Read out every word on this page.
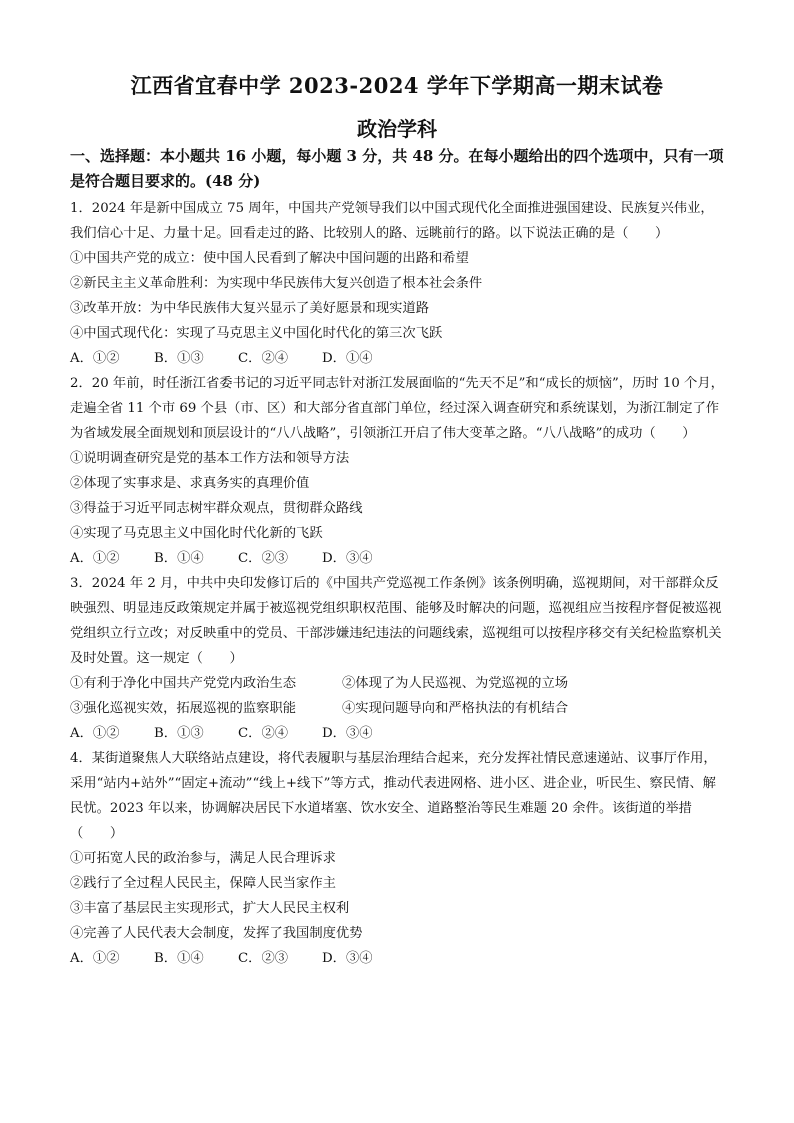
江西省宜春中学 2023-2024 学年下学期高一期末试卷
政治学科
一、选择题：本小题共 16 小题，每小题 3 分，共 48 分。在每小题给出的四个选项中，只有一项是符合题目要求的。(48 分)

1．2024 年是新中国成立 75 周年，中国共产党领导我们以中国式现代化全面推进强国建设、民族复兴伟业，我们信心十足、力量十足。回看走过的路、比较别人的路、远眺前行的路。以下说法正确的是（　　）

①中国共产党的成立：使中国人民看到了解决中国问题的出路和希望

②新民主主义革命胜利：为实现中华民族伟大复兴创造了根本社会条件

③改革开放：为中华民族伟大复兴显示了美好愿景和现实道路

④中国式现代化：实现了马克思主义中国化时代化的第三次飞跃

A．①②	B．①③	C．②④	D．①④

2．20 年前，时任浙江省委书记的习近平同志针对浙江发展面临的“先天不足”和“成长的烦恼”，历时 10 个月，走遍全省 11 个市 69 个县（市、区）和大部分省直部门单位，经过深入调查研究和系统谋划，为浙江制定了作为省域发展全面规划和顶层设计的“八八战略”，引领浙江开启了伟大变革之路。“八八战略”的成功（　　）

①说明调查研究是党的基本工作方法和领导方法

②体现了实事求是、求真务实的真理价值

③得益于习近平同志树牢群众观点，贯彻群众路线

④实现了马克思主义中国化时代化新的飞跃

A．①②	B．①④	C．②③	D．③④

3．2024 年 2 月，中共中央印发修订后的《中国共产党巡视工作条例》该条例明确，巡视期间，对干部群众反映强烈、明显违反政策规定并属于被巡视党组织职权范围、能够及时解决的问题，巡视组应当按程序督促被巡视党组织立行立改；对反映重中的党员、干部涉嫌违纪违法的问题线索，巡视组可以按程序移交有关纪检监察机关及时处置。这一规定（　　）

①有利于净化中国共产党党内政治生态	②体现了为人民巡视、为党巡视的立场
③强化巡视实效，拓展巡视的监察职能	④实现问题导向和严格执法的有机结合
A．①②	B．①③	C．②④	D．③④

4．某街道聚焦人大联络站点建设，将代表履职与基层治理结合起来，充分发挥社情民意速递站、议事厅作用，采用“站内+站外”“固定+流动”“线上+线下”等方式，推动代表进网格、进小区、进企业，听民生、察民情、解民忧。2023 年以来，协调解决居民下水道堵塞、饮水安全、道路整治等民生难题 20 余件。该街道的举措（　　）

①可拓宽人民的政治参与，满足人民合理诉求

②践行了全过程人民民主，保障人民当家作主

③丰富了基层民主实现形式，扩大人民民主权利

④完善了人民代表大会制度，发挥了我国制度优势

A．①②	B．①④	C．②③	D．③④
